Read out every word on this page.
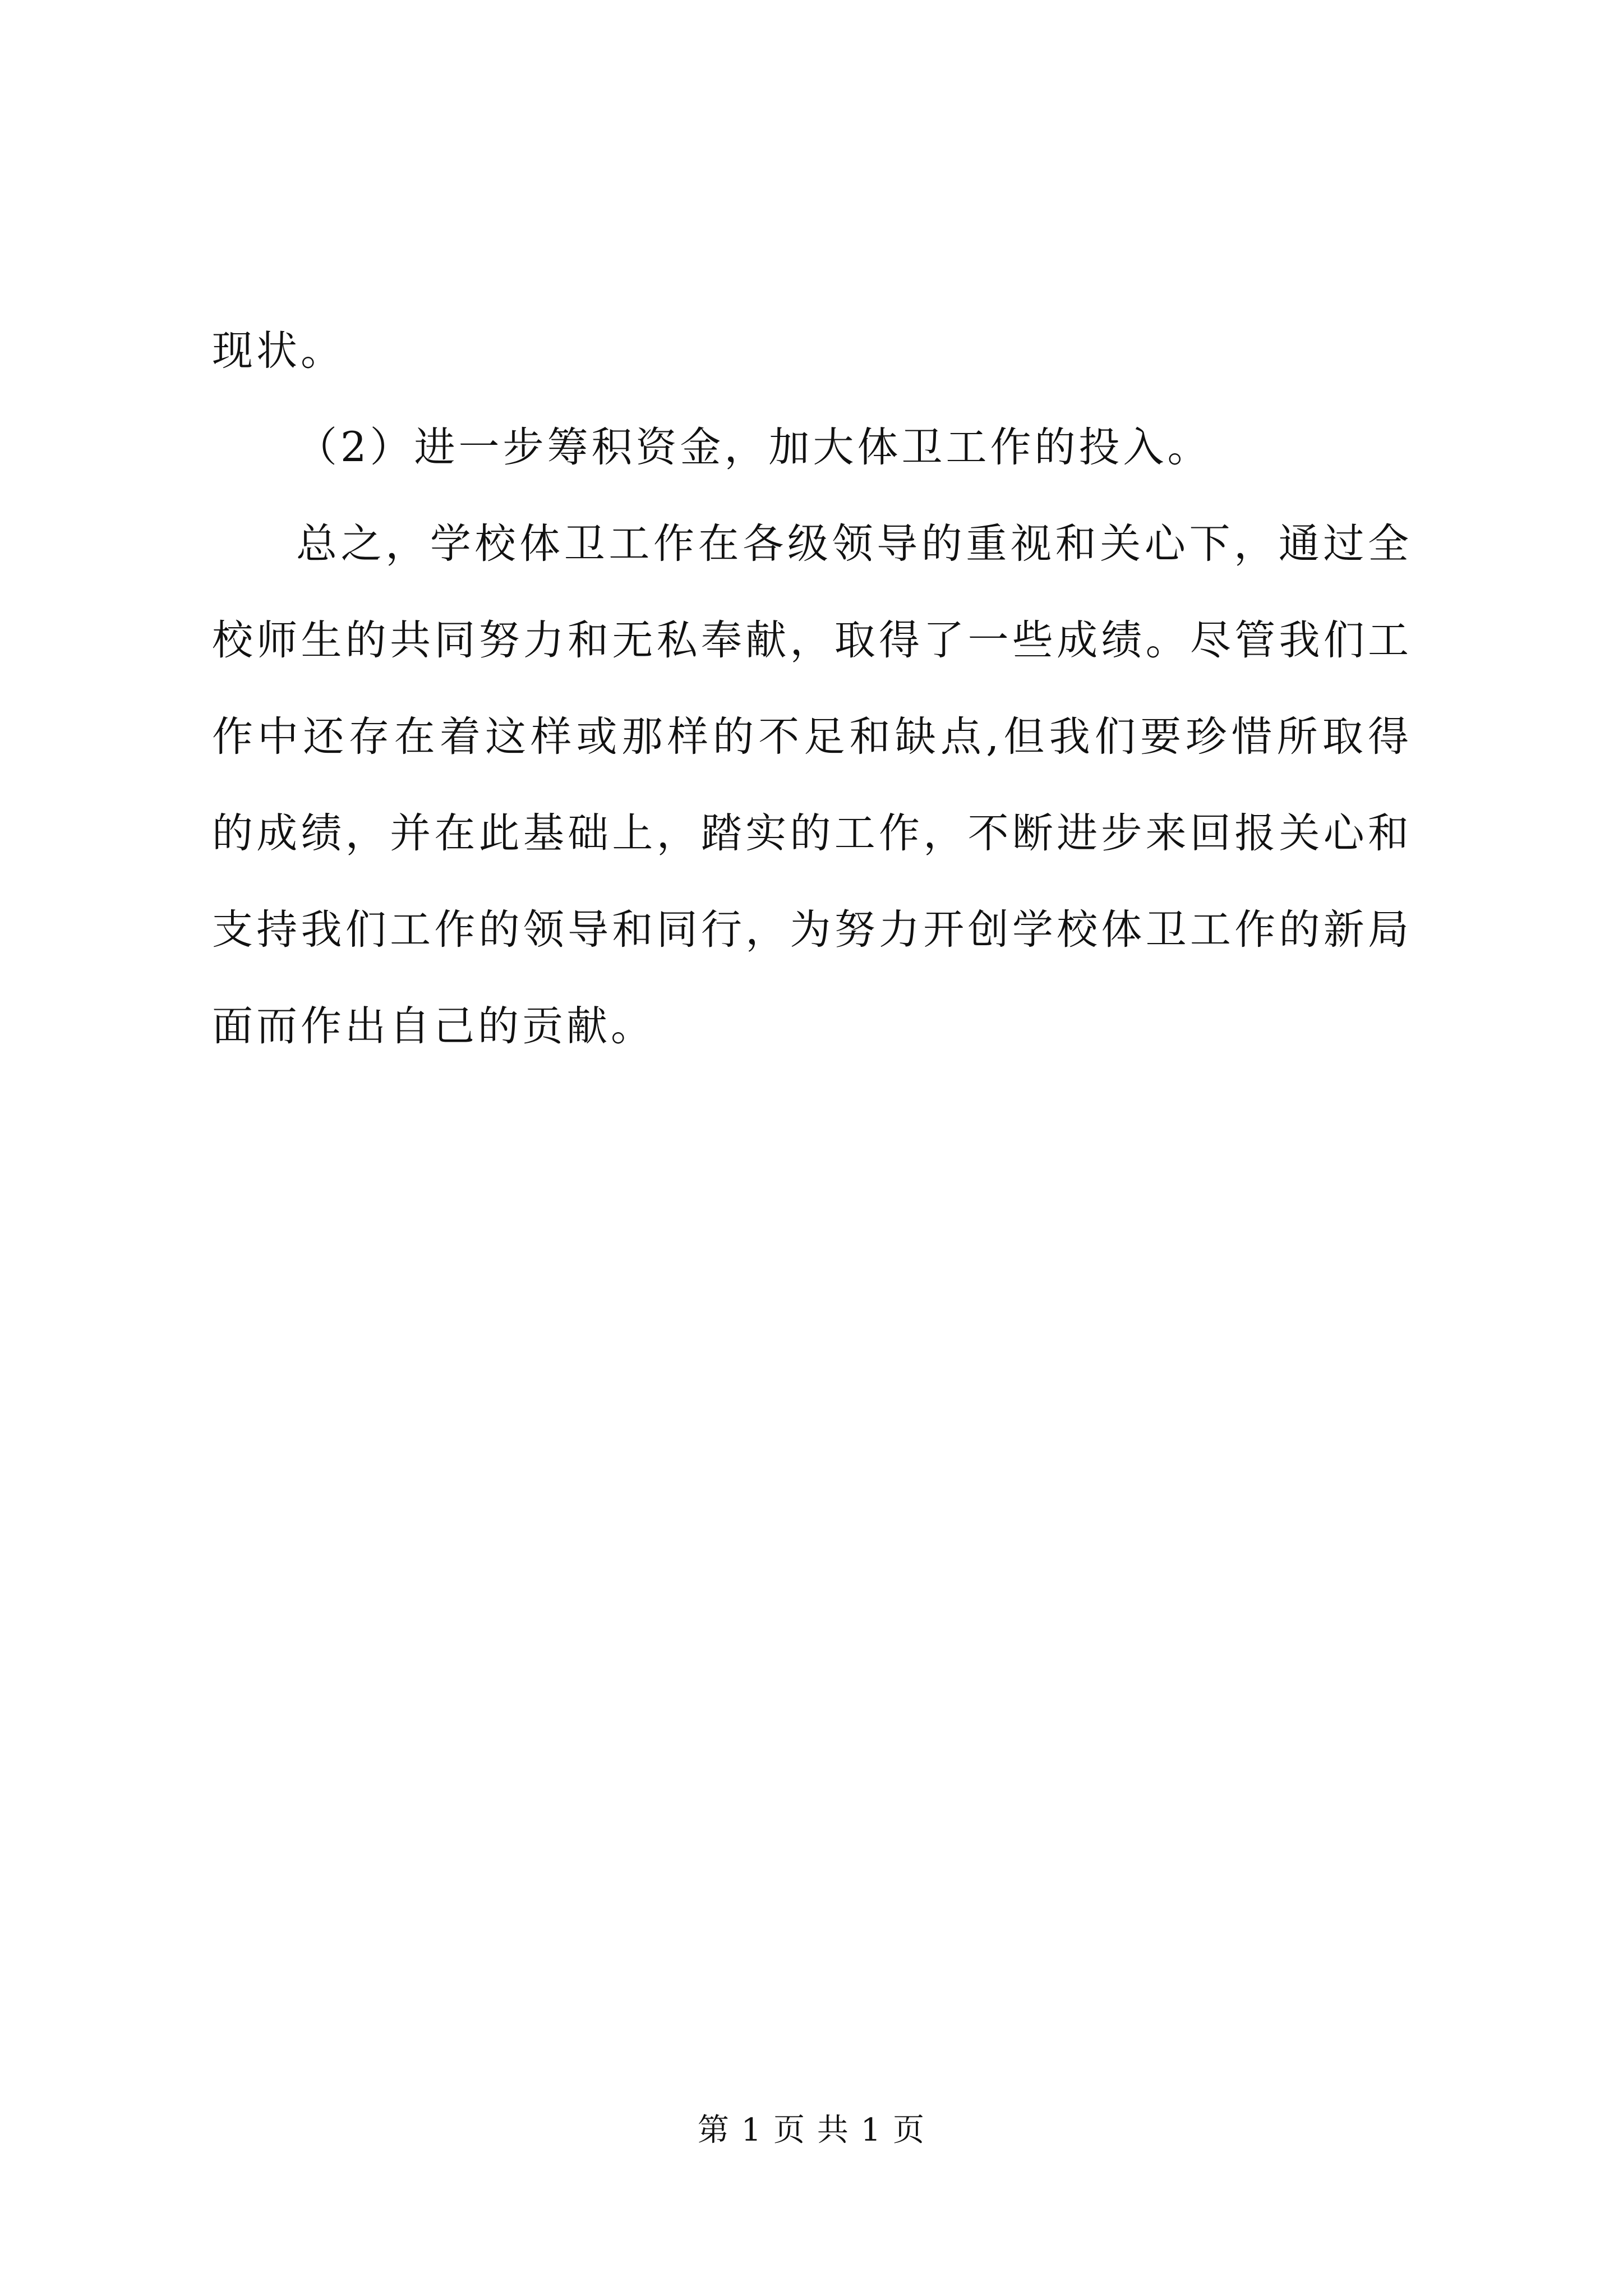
现状。

（2）进一步筹积资金，加大体卫工作的投入。

总之，学校体卫工作在各级领导的重视和关心下，通过全校师生的共同努力和无私奉献，取得了一些成绩。尽管我们工作中还存在着这样或那样的不足和缺点,但我们要珍惜所取得的成绩，并在此基础上，踏实的工作，不断进步来回报关心和支持我们工作的领导和同行，为努力开创学校体卫工作的新局面而作出自己的贡献。

第 1 页 共 1 页
